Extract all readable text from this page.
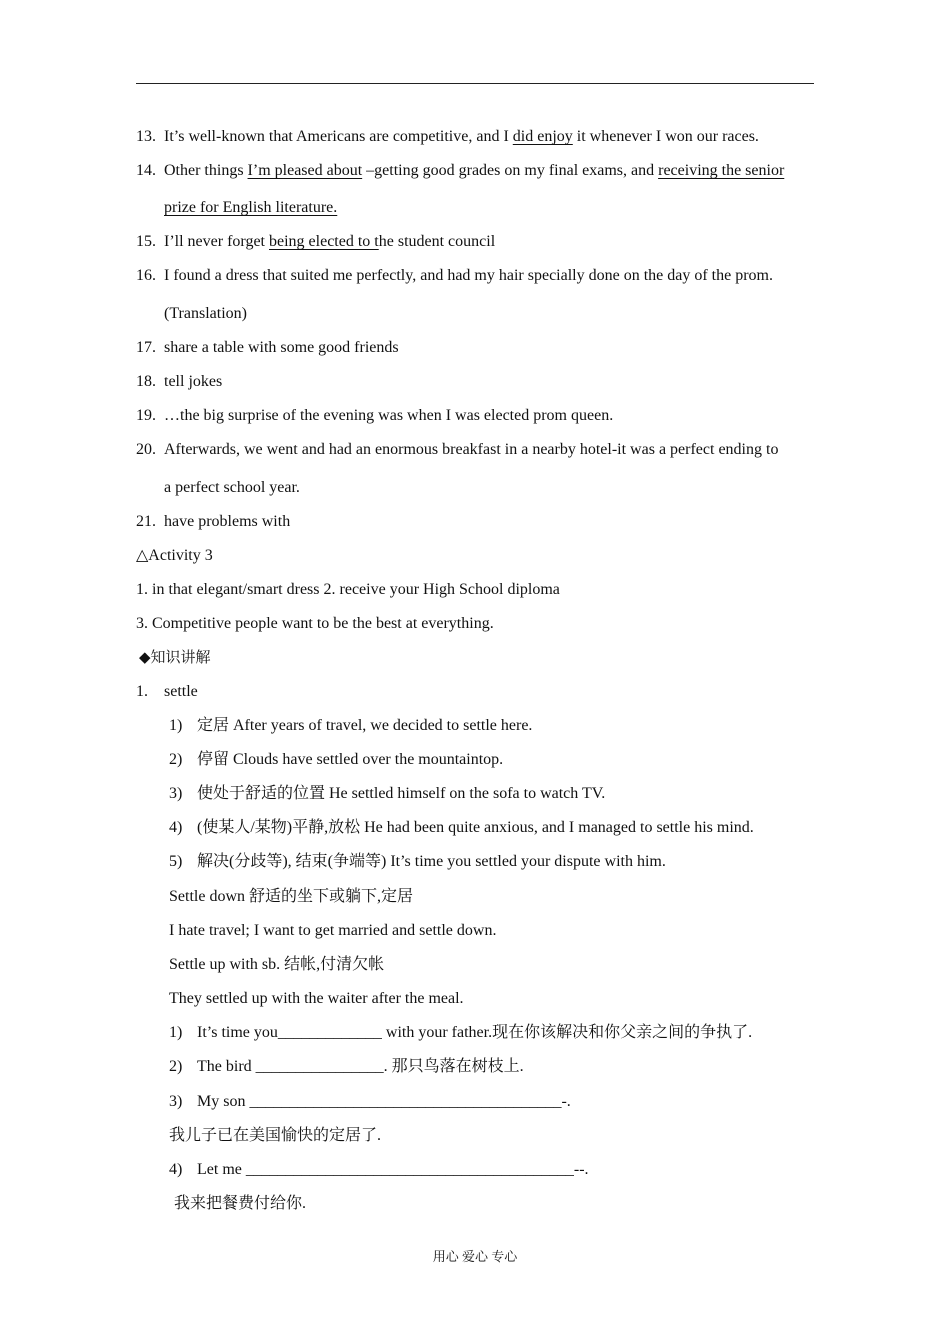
13. It’s well-known that Americans are competitive, and I did enjoy it whenever I won our races.
14. Other things I’m pleased about –getting good grades on my final exams, and receiving the senior
prize for English literature.
15. I’ll never forget being elected to the student council
16. I found a dress that suited me perfectly, and had my hair specially done on the day of the prom.
(Translation)
17. share a table with some good friends
18. tell jokes
19. …the big surprise of the evening was when I was elected prom queen.
20. Afterwards, we went and had an enormous breakfast in a nearby hotel-it was a perfect ending to
a perfect school year.
21. have problems with
△Activity 3
1. in that elegant/smart dress 2. receive your High School diploma
3. Competitive people want to be the best at everything.
◆知识讲解
1. settle
1) 定居 After years of travel, we decided to settle here.
2) 停留 Clouds have settled over the mountaintop.
3) 使处于舒适的位置 He settled himself on the sofa to watch TV.
4) (使某人/某物)平静,放松 He had been quite anxious, and I managed to settle his mind.
5) 解决(分歧等), 结束(争端等) It’s time you settled your dispute with him.
Settle down 舒适的坐下或躺下,定居
I hate travel; I want to get married and settle down.
Settle up with sb. 结帐,付清欠帐
They settled up with the waiter after the meal.
1) It’s time you_____________ with your father.现在你该解决和你父亲之间的争执了.
2) The bird ________________. 那只鸟落在树枝上.
3) My son _______________________________________-.
我儿子已在美国愉快的定居了.
4) Let me _________________________________________--.
我来把餐费付给你.
用心 爱心 专心
